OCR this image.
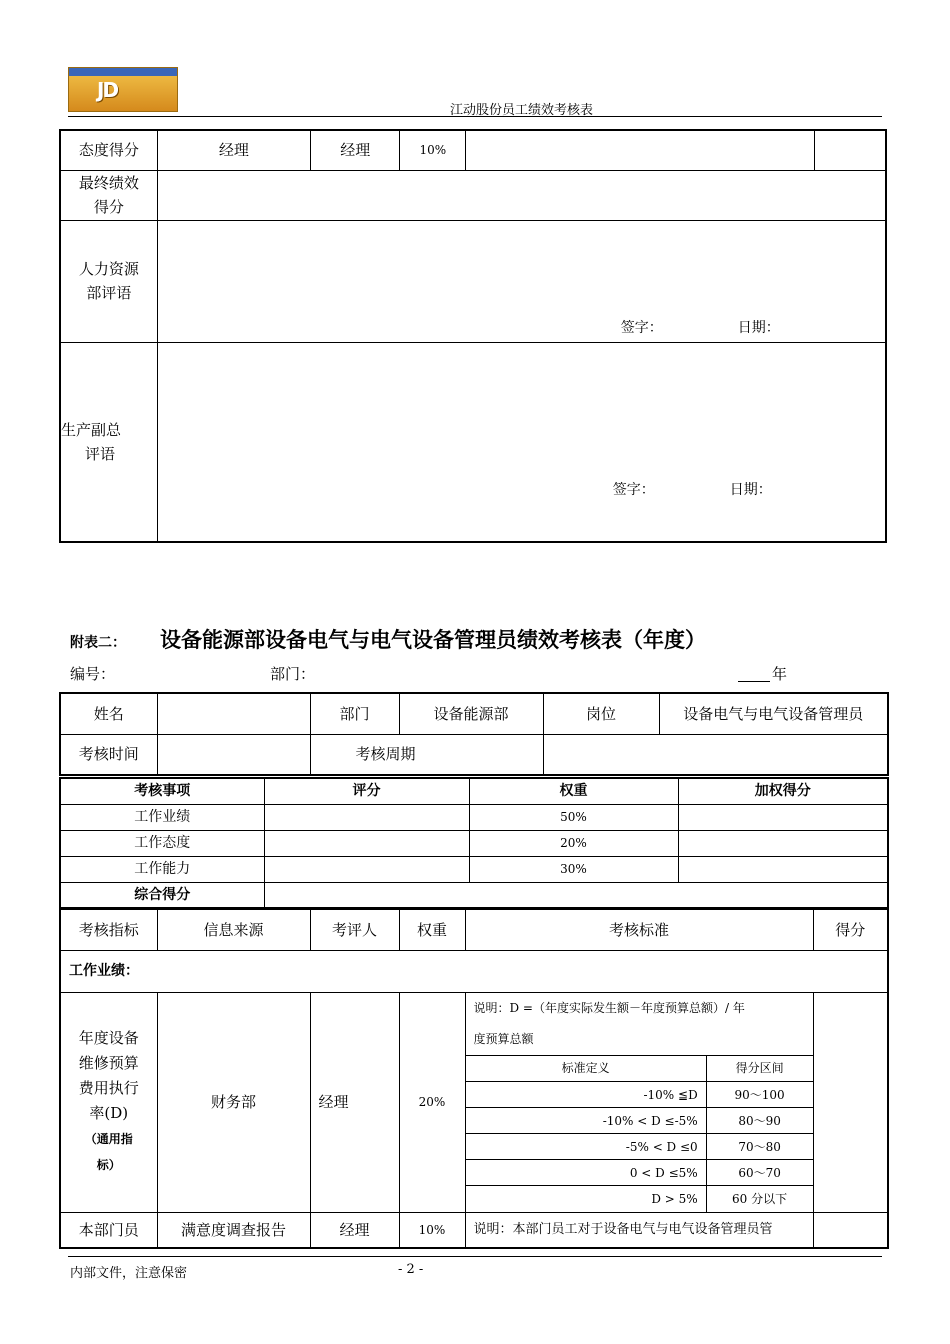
JD
江动股份员工绩效考核表
态度得分	经理	经理	10%		
最终绩效
得分					
人力资源
部评语	签字： 日期：				

生产副总
评语	签字： 日期：				
附表二： 设备能源部设备电气与电气设备管理员绩效考核表（年度）
编号：	部门：	年
姓名		部门	设备能源部	岗位	设备电气与电气设备管理员
考核时间		考核周期			
考核事项	评分	权重	加权得分
工作业绩		50%	
工作态度		20%	
工作能力		30%	
综合得分			
考核指标	信息来源	考评人	权重	考核标准	得分
工作业绩：
年度设备
维修预算
费用执行
率(D)
（通用指
标）	财务部	经理	20%	
说明：D =（年度实际发生额－年度预算总额）/ 年
度预算总额
标准定义	得分区间
-10% ≦D	90～100
-10% < D ≤-5%	80～90
-5% < D ≤0	70～80
0 < D ≤5%	60～70
D > 5%	60 分以下

本部门员	满意度调查报告	经理	10%	说明：本部门员工对于设备电气与电气设备管理员管	
内部文件，注意保密	- 2 -
